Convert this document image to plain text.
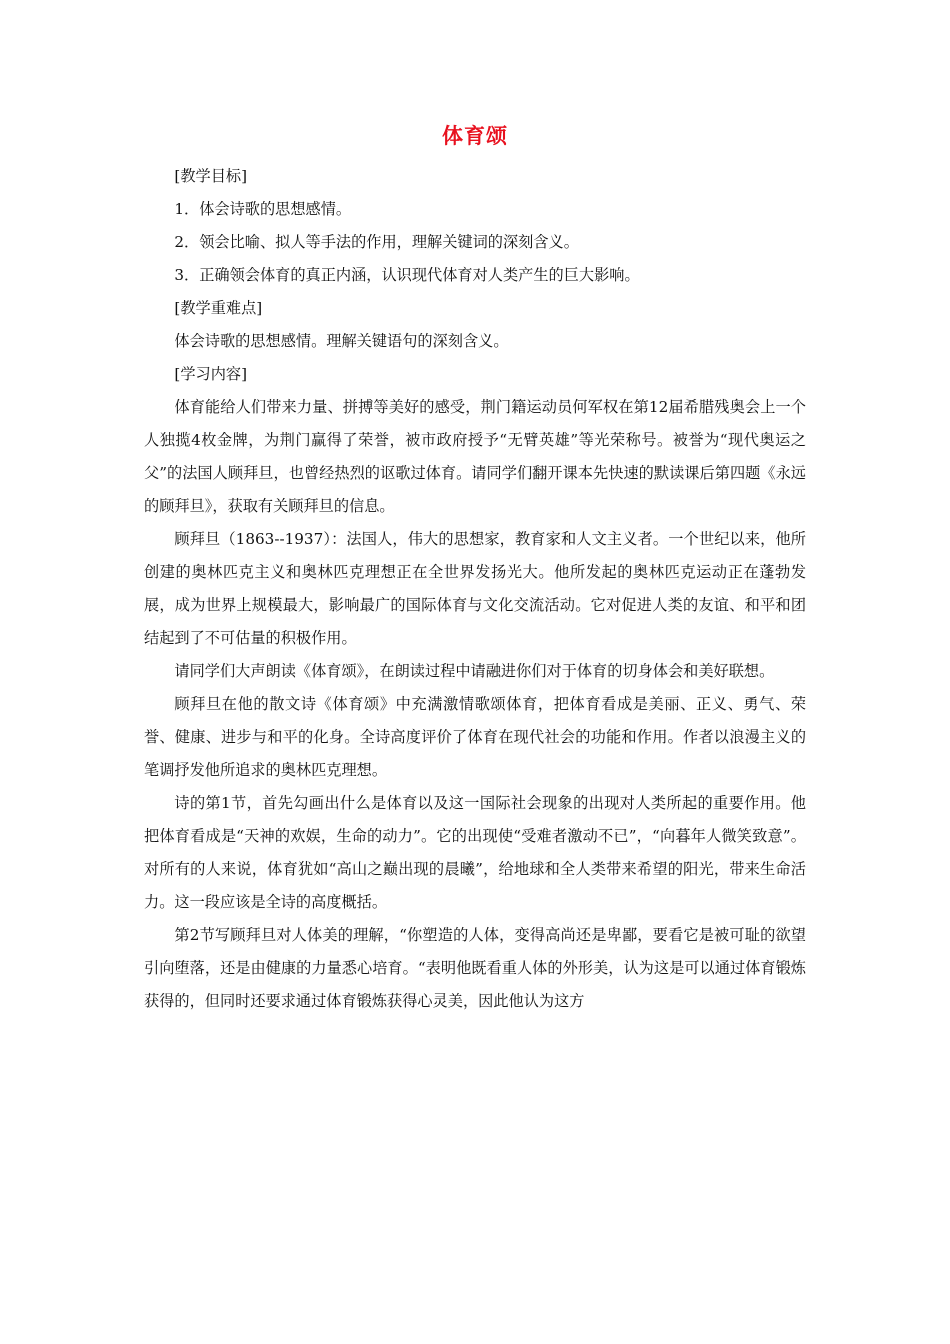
体育颂

[教学目标]

1．体会诗歌的思想感情。

2．领会比喻、拟人等手法的作用，理解关键词的深刻含义。

3．正确领会体育的真正内涵，认识现代体育对人类产生的巨大影响。

[教学重难点]

体会诗歌的思想感情。理解关键语句的深刻含义。

[学习内容]

体育能给人们带来力量、拼搏等美好的感受，荆门籍运动员何军权在第12届希腊残奥会上一个人独揽4枚金牌，为荆门赢得了荣誉，被市政府授予“无臂英雄”等光荣称号。被誉为“现代奥运之父”的法国人顾拜旦，也曾经热烈的讴歌过体育。请同学们翻开课本先快速的默读课后第四题《永远的顾拜旦》，获取有关顾拜旦的信息。

顾拜旦（1863--1937）：法国人，伟大的思想家，教育家和人文主义者。一个世纪以来，他所创建的奥林匹克主义和奥林匹克理想正在全世界发扬光大。他所发起的奥林匹克运动正在蓬勃发展，成为世界上规模最大，影响最广的国际体育与文化交流活动。它对促进人类的友谊、和平和团结起到了不可估量的积极作用。

请同学们大声朗读《体育颂》，在朗读过程中请融进你们对于体育的切身体会和美好联想。

顾拜旦在他的散文诗《体育颂》中充满激情歌颂体育，把体育看成是美丽、正义、勇气、荣誉、健康、进步与和平的化身。全诗高度评价了体育在现代社会的功能和作用。作者以浪漫主义的笔调抒发他所追求的奥林匹克理想。

诗的第1节，首先勾画出什么是体育以及这一国际社会现象的出现对人类所起的重要作用。他把体育看成是“天神的欢娱，生命的动力”。它的出现使“受难者激动不已”，“向暮年人微笑致意”。对所有的人来说，体育犹如“高山之巅出现的晨曦”，给地球和全人类带来希望的阳光，带来生命活力。这一段应该是全诗的高度概括。

第2节写顾拜旦对人体美的理解，“你塑造的人体，变得高尚还是卑鄙，要看它是被可耻的欲望引向堕落，还是由健康的力量悉心培育。“表明他既看重人体的外形美，认为这是可以通过体育锻炼获得的，但同时还要求通过体育锻炼获得心灵美，因此他认为这方
